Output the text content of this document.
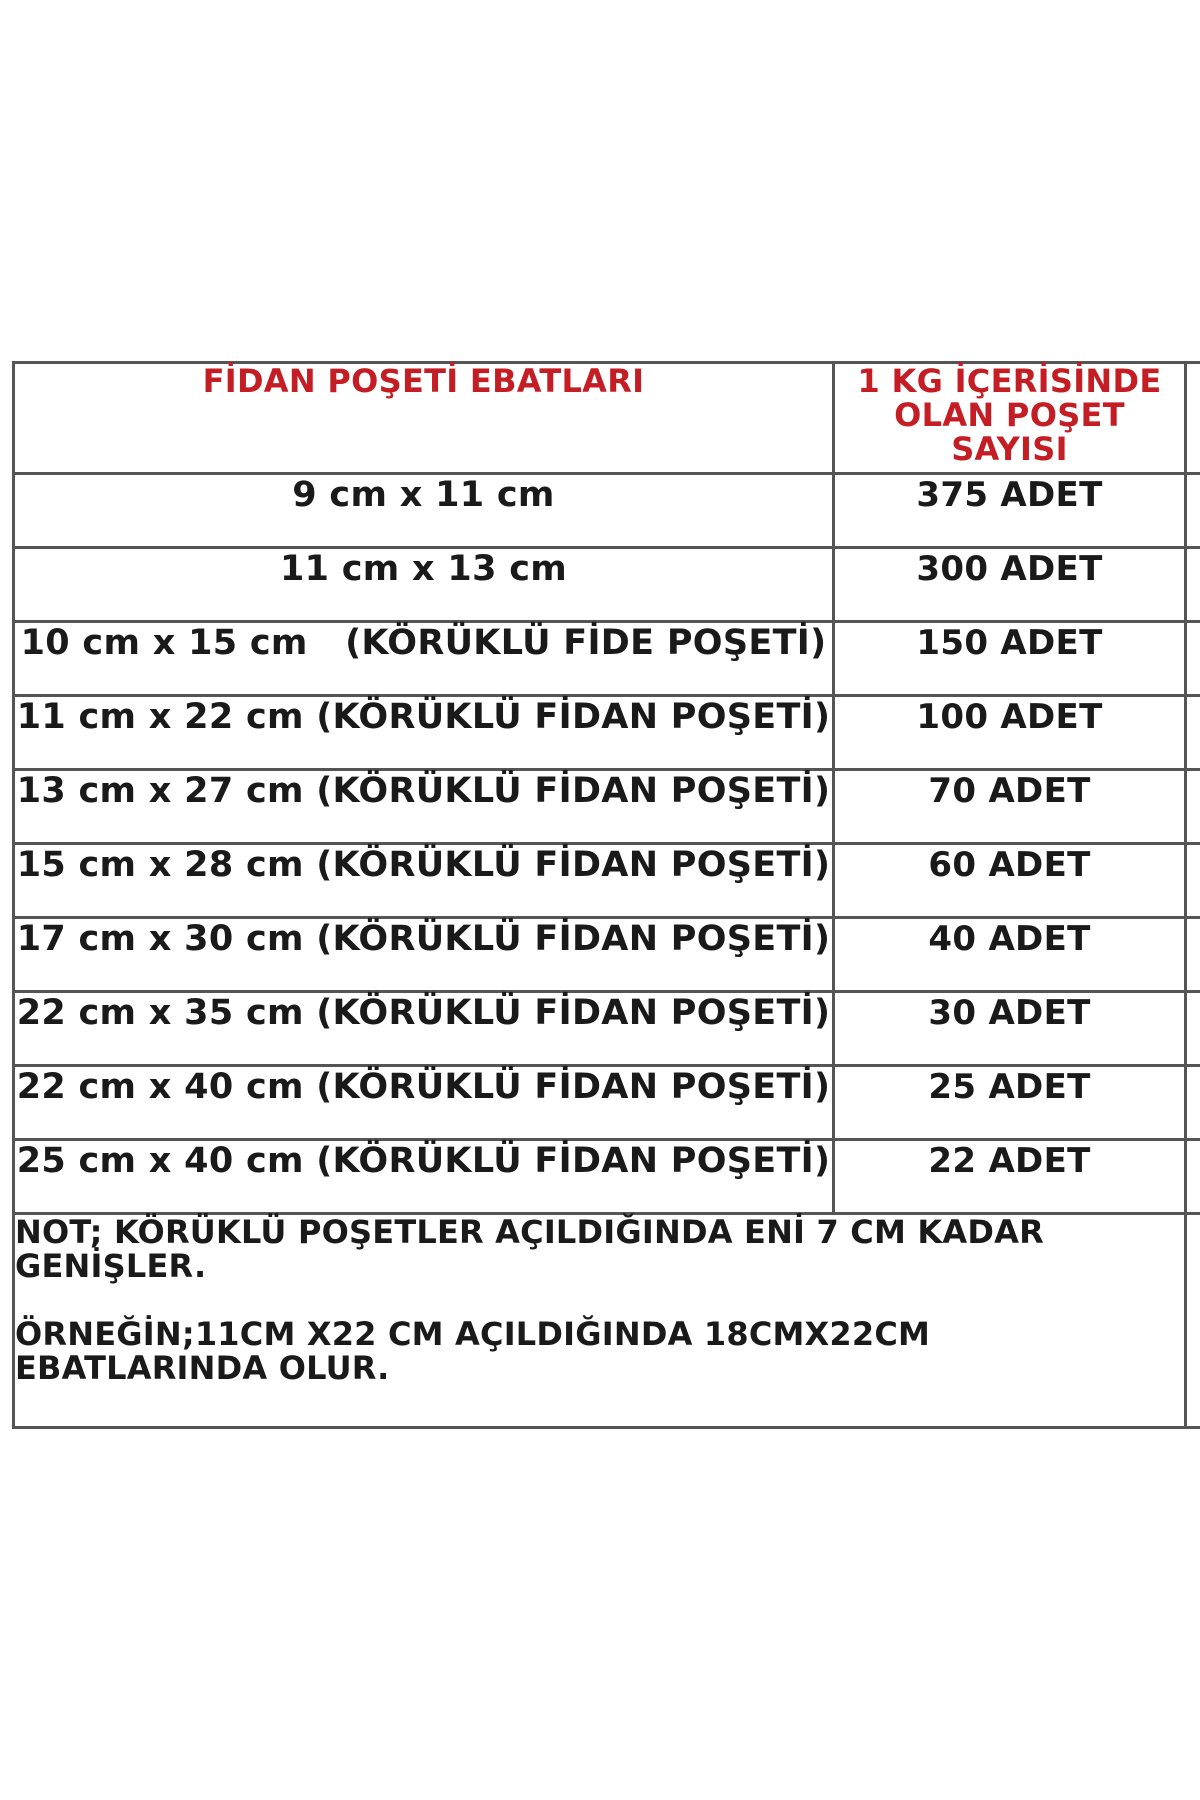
FİDAN POŞETİ EBATLARI	1 KG İÇERİSİNDE
OLAN POŞET SAYISI	

9 cm x 11 cm	375 ADET	
11 cm x 13 cm	300 ADET	
10 cm x 15 cm   (KÖRÜKLÜ FİDE POŞETİ)	150 ADET	
11 cm x 22 cm (KÖRÜKLÜ FİDAN POŞETİ)	100 ADET	
13 cm x 27 cm (KÖRÜKLÜ FİDAN POŞETİ)	70 ADET	
15 cm x 28 cm (KÖRÜKLÜ FİDAN POŞETİ)	60 ADET	
17 cm x 30 cm (KÖRÜKLÜ FİDAN POŞETİ)	40 ADET	
22 cm x 35 cm (KÖRÜKLÜ FİDAN POŞETİ)	30 ADET	
22 cm x 40 cm (KÖRÜKLÜ FİDAN POŞETİ)	25 ADET	
25 cm x 40 cm (KÖRÜKLÜ FİDAN POŞETİ)	22 ADET	

NOT; KÖRÜKLÜ POŞETLER AÇILDIĞINDA ENİ 7 CM KADAR
GENİŞLER.
ÖRNEĞİN;11CM X22 CM AÇILDIĞINDA 18CMX22CM
EBATLARINDA OLUR.		
